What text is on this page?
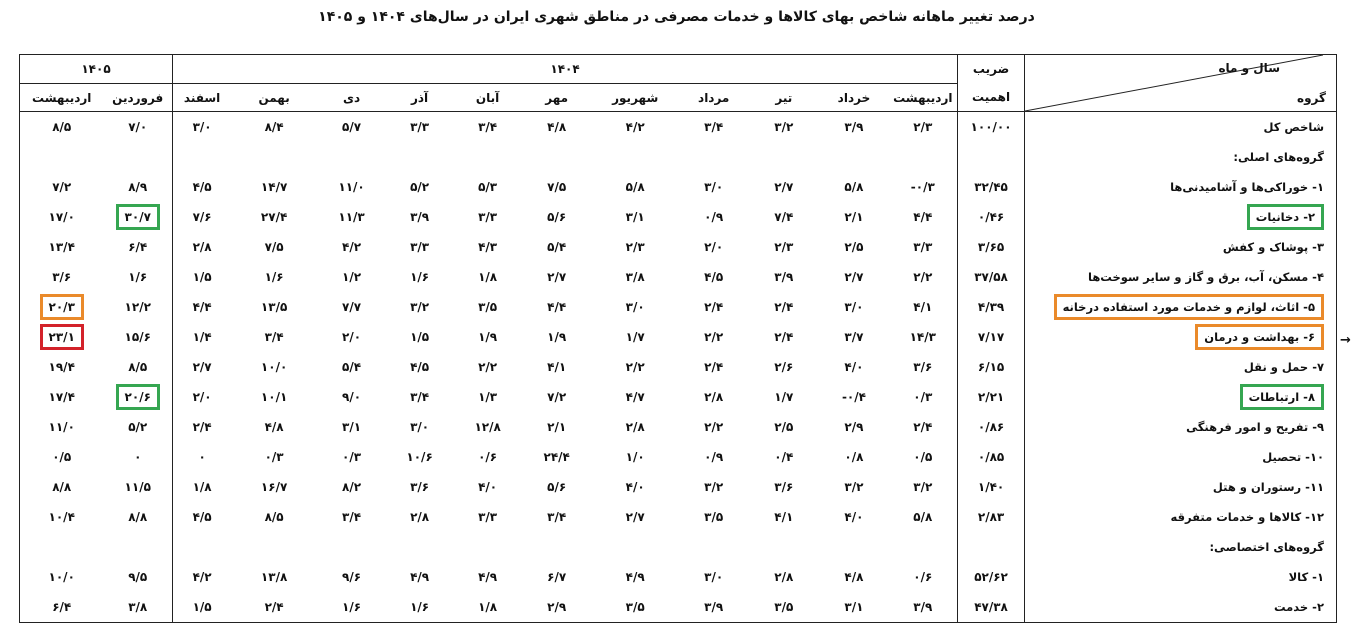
درصد تغییر ماهانه شاخص بهای کالاها و خدمات مصرفی در مناطق شهری ایران در سال‌های ۱۴۰۴ و ۱۴۰۵
سال و ماه
گروه	ضریب	۱۴۰۴											۱۴۰۵	
	اهمیت	اردیبهشت	خرداد	تیر	مرداد	شهریور	مهر	آبان	آذر	دی	بهمن	اسفند	فروردین	اردیبهشت
شاخص کل	۱۰۰/۰۰	۲/۳	۳/۹	۳/۲	۳/۴	۴/۲	۴/۸	۳/۴	۳/۳	۵/۷	۸/۴	۳/۰	۷/۰	۸/۵
گروه‌های اصلی:														
۱- خوراکی‌ها و آشامیدنی‌ها	۳۲/۴۵	۰/۳-	۵/۸	۲/۷	۳/۰	۵/۸	۷/۵	۵/۳	۵/۲	۱۱/۰	۱۴/۷	۴/۵	۸/۹	۷/۲
۲- دخانیات	۰/۴۶	۴/۴	۲/۱	۷/۴	۰/۹	۳/۱	۵/۶	۳/۳	۳/۹	۱۱/۳	۲۷/۴	۷/۶	۳۰/۷	۱۷/۰
۳- پوشاک و کفش	۳/۶۵	۳/۳	۲/۵	۲/۳	۲/۰	۲/۳	۵/۴	۴/۳	۳/۳	۴/۲	۷/۵	۲/۸	۶/۴	۱۳/۴
۴- مسکن، آب، برق و گاز و سایر سوخت‌ها	۳۷/۵۸	۲/۲	۲/۷	۳/۹	۴/۵	۳/۸	۲/۷	۱/۸	۱/۶	۱/۲	۱/۶	۱/۵	۱/۶	۳/۶
۵- اثاث، لوازم و خدمات مورد استفاده درخانه	۴/۳۹	۴/۱	۳/۰	۲/۴	۲/۴	۳/۰	۴/۴	۳/۵	۳/۲	۷/۷	۱۳/۵	۴/۴	۱۲/۲	۲۰/۳
۶- بهداشت و درمان	۷/۱۷	۱۴/۳	۳/۷	۲/۴	۲/۲	۱/۷	۱/۹	۱/۹	۱/۵	۲/۰	۳/۴	۱/۴	۱۵/۶	۲۳/۱
۷- حمل و نقل	۶/۱۵	۳/۶	۴/۰	۲/۶	۲/۴	۲/۲	۴/۱	۲/۲	۴/۵	۵/۴	۱۰/۰	۲/۷	۸/۵	۱۹/۴
۸- ارتباطات	۲/۲۱	۰/۳	۰/۴-	۱/۷	۲/۸	۴/۷	۷/۲	۱/۳	۳/۴	۹/۰	۱۰/۱	۲/۰	۲۰/۶	۱۷/۴
۹- تفریح و امور فرهنگی	۰/۸۶	۲/۴	۲/۹	۲/۵	۲/۲	۲/۸	۲/۱	۱۲/۸	۳/۰	۳/۱	۴/۸	۲/۴	۵/۲	۱۱/۰
۱۰- تحصیل	۰/۸۵	۰/۵	۰/۸	۰/۴	۰/۹	۱/۰	۲۴/۴	۰/۶	۱۰/۶	۰/۳	۰/۳	۰	۰	۰/۵
۱۱- رستوران و هتل	۱/۴۰	۳/۲	۳/۲	۳/۶	۳/۲	۴/۰	۵/۶	۴/۰	۳/۶	۸/۲	۱۶/۷	۱/۸	۱۱/۵	۸/۸
۱۲- کالاها و خدمات متفرقه	۲/۸۳	۵/۸	۴/۰	۴/۱	۳/۵	۲/۷	۳/۴	۳/۳	۲/۸	۳/۴	۸/۵	۴/۵	۸/۸	۱۰/۴
گروه‌های اختصاصی:														
۱- کالا	۵۲/۶۲	۰/۶	۴/۸	۲/۸	۳/۰	۴/۹	۶/۷	۴/۹	۴/۹	۹/۶	۱۳/۸	۴/۲	۹/۵	۱۰/۰
۲- خدمت	۴۷/۳۸	۳/۹	۳/۱	۳/۵	۳/۹	۳/۵	۲/۹	۱/۸	۱/۶	۱/۶	۲/۴	۱/۵	۳/۸	۶/۴
→
